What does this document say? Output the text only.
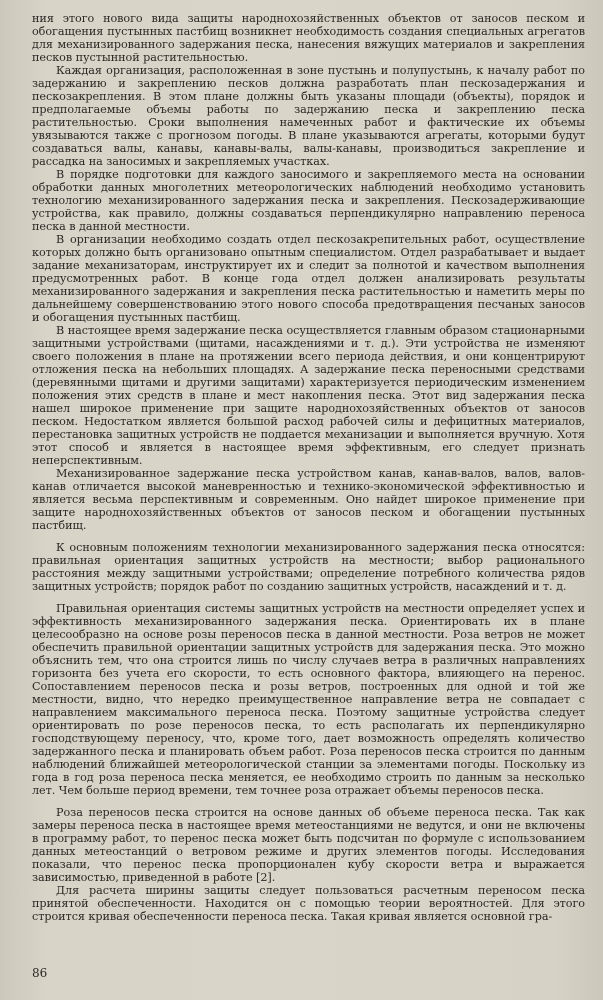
ния этого нового вида защиты народнохозяйственных объектов от заносов песком и обогащения пустынных пастбищ возникнет необходимость создания специальных агрегатов для механизированного задержания песка, нанесения вяжущих материалов и закрепления песков пустынной растительностью.

Каждая организация, расположенная в зоне пустынь и полупустынь, к началу работ по задержанию и закреплению песков должна разработать план пескозадержания и пескозакрепления. В этом плане должны быть указаны площади (объекты), порядок и предполагаемые объемы работы по задержанию песка и закреплению песка растительностью. Сроки выполнения намеченных работ и фактические их объемы увязываются также с прогнозом погоды. В плане указываются агрегаты, которыми будут создаваться валы, канавы, канавы-валы, валы-канавы, производиться закрепление и рассадка на заносимых и закрепляемых участках.

В порядке подготовки для каждого заносимого и закрепляемого места на основании обработки данных многолетних метеорологических наблюдений необходимо установить технологию механизированного задержания песка и закрепления. Пескозадерживающие устройства, как правило, должны создаваться перпендикулярно направлению переноса песка в данной местности.

В организации необходимо создать отдел пескозакрепительных работ, осуществление которых должно быть организовано опытным специалистом. Отдел разрабатывает и выдает задание механизаторам, инструктирует их и следит за полнотой и качеством выполнения предусмотренных работ. В конце года отдел должен анализировать результаты механизированного задержания и закрепления песка растительностью и наметить меры по дальнейшему совершенствованию этого нового способа предотвращения песчаных заносов и обогащения пустынных пастбищ.

В настоящее время задержание песка осуществляется главным образом стационарными защитными устройствами (щитами, насаждениями и т. д.). Эти устройства не изменяют своего положения в плане на протяжении всего периода действия, и они концентрируют отложения песка на небольших площадях. А задержание песка переносными средствами (деревянными щитами и другими защитами) характеризуется периодическим изменением положения этих средств в плане и мест накопления песка. Этот вид задержания песка нашел широкое применение при защите народнохозяйственных объектов от заносов песком. Недостатком является большой расход рабочей силы и дефицитных материалов, перестановка защитных устройств не поддается механизации и выполняется вручную. Хотя этот способ и является в настоящее время эффективным, его следует признать неперспективным.

Механизированное задержание песка устройством канав, канав-валов, валов, валов-канав отличается высокой маневренностью и технико-экономической эффективностью и является весьма перспективным и современным. Оно найдет широкое применение при защите народнохозяйственных объектов от заносов песком и обогащении пустынных пастбищ.

К основным положениям технологии механизированного задержания песка относятся: правильная ориентация защитных устройств на местности; выбор рационального расстояния между защитными устройствами; определение потребного количества рядов защитных устройств; порядок работ по созданию защитных устройств, насаждений и т. д.

Правильная ориентация системы защитных устройств на местности определяет успех и эффективность механизированного задержания песка. Ориентировать их в плане целесообразно на основе розы переносов песка в данной местности. Роза ветров не может обеспечить правильной ориентации защитных устройств для задержания песка. Это можно объяснить тем, что она строится лишь по числу случаев ветра в различных направлениях горизонта без учета его скорости, то есть основного фактора, влияющего на перенос. Сопоставлением переносов песка и розы ветров, построенных для одной и той же местности, видно, что нередко преимущественное направление ветра не совпадает с направлением максимального переноса песка. Поэтому защитные устройства следует ориентировать по розе переносов песка, то есть располагать их перпендикулярно господствующему переносу, что, кроме того, дает возможность определять количество задержанного песка и планировать объем работ. Роза переносов песка строится по данным наблюдений ближайшей метеорологической станции за элементами погоды. Поскольку из года в год роза переноса песка меняется, ее необходимо строить по данным за несколько лет. Чем больше период времени, тем точнее роза отражает объемы переносов песка.

Роза переносов песка строится на основе данных об объеме переноса песка. Так как замеры переноса песка в настоящее время метеостанциями не ведутся, и они не включены в программу работ, то перенос песка может быть подсчитан по формуле с использованием данных метеостанций о ветровом режиме и других элементов погоды. Исследования показали, что перенос песка пропорционален кубу скорости ветра и выражается зависимостью, приведенной в работе [2].

Для расчета ширины защиты следует пользоваться расчетным переносом песка принятой обеспеченности. Находится он с помощью теории вероятностей. Для этого строится кривая обеспеченности переноса песка. Такая кривая является основной гра-

86
